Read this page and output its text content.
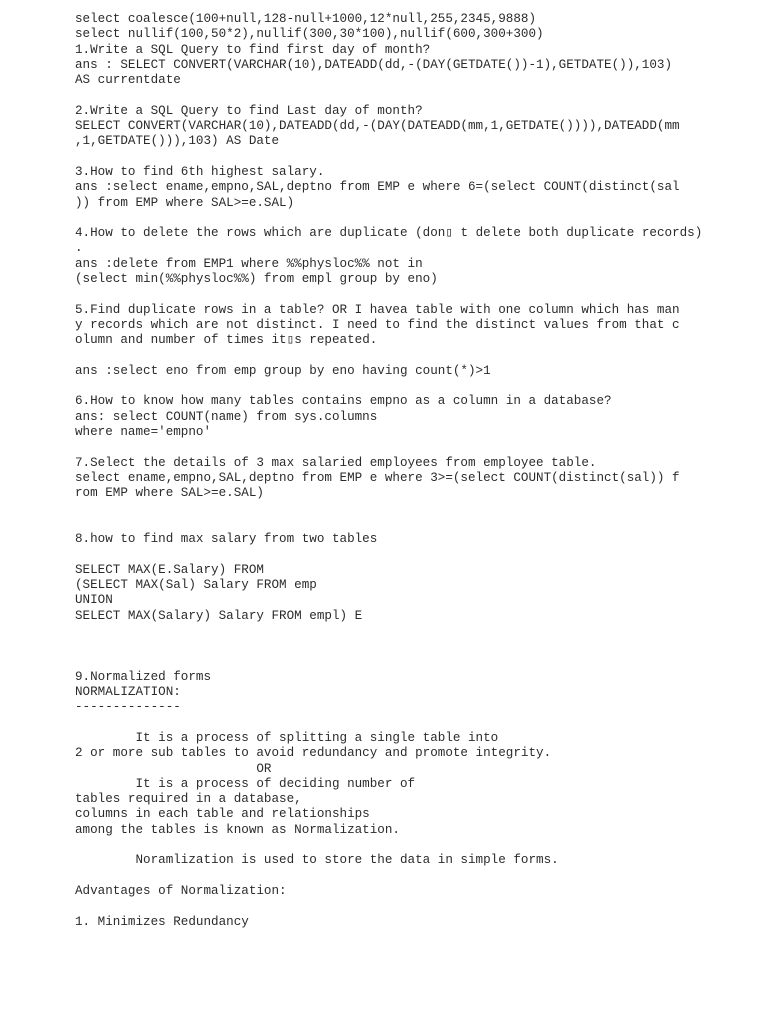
select coalesce(100+null,128-null+1000,12*null,255,2345,9888)
select nullif(100,50*2),nullif(300,30*100),nullif(600,300+300)
1.Write a SQL Query to find first day of month?
ans : SELECT CONVERT(VARCHAR(10),DATEADD(dd,-(DAY(GETDATE())-1),GETDATE()),103)
AS currentdate
2.Write a SQL Query to find Last day of month?
SELECT CONVERT(VARCHAR(10),DATEADD(dd,-(DAY(DATEADD(mm,1,GETDATE()))),DATEADD(mm
,1,GETDATE())),103) AS Date
3.How to find 6th highest salary.
ans :select ename,empno,SAL,deptno from EMP e where 6=(select COUNT(distinct(sal
)) from EMP where SAL>=e.SAL)
4.How to delete the rows which are duplicate (don▯ t delete both duplicate records)
.
ans :delete from EMP1 where %%physloc%% not in
(select min(%%physloc%%) from empl group by eno)
5.Find duplicate rows in a table? OR I havea table with one column which has man
y records which are not distinct. I need to find the distinct values from that c
olumn and number of times it▯s repeated.
ans :select eno from emp group by eno having count(*)>1
6.How to know how many tables contains empno as a column in a database?
ans: select COUNT(name) from sys.columns
where name='empno'
7.Select the details of 3 max salaried employees from employee table.
select ename,empno,SAL,deptno from EMP e where 3>=(select COUNT(distinct(sal)) f
rom EMP where SAL>=e.SAL)
8.how to find max salary from two tables
SELECT MAX(E.Salary) FROM
(SELECT MAX(Sal) Salary FROM emp
UNION
SELECT MAX(Salary) Salary FROM empl) E
9.Normalized forms
NORMALIZATION:
--------------
It is a process of splitting a single table into
2 or more sub tables to avoid redundancy and promote integrity.
OR
It is a process of deciding number of
tables required in a database,
columns in each table and relationships
among the tables is known as Normalization.
Noramlization is used to store the data in simple forms.
Advantages of Normalization:
1. Minimizes Redundancy
